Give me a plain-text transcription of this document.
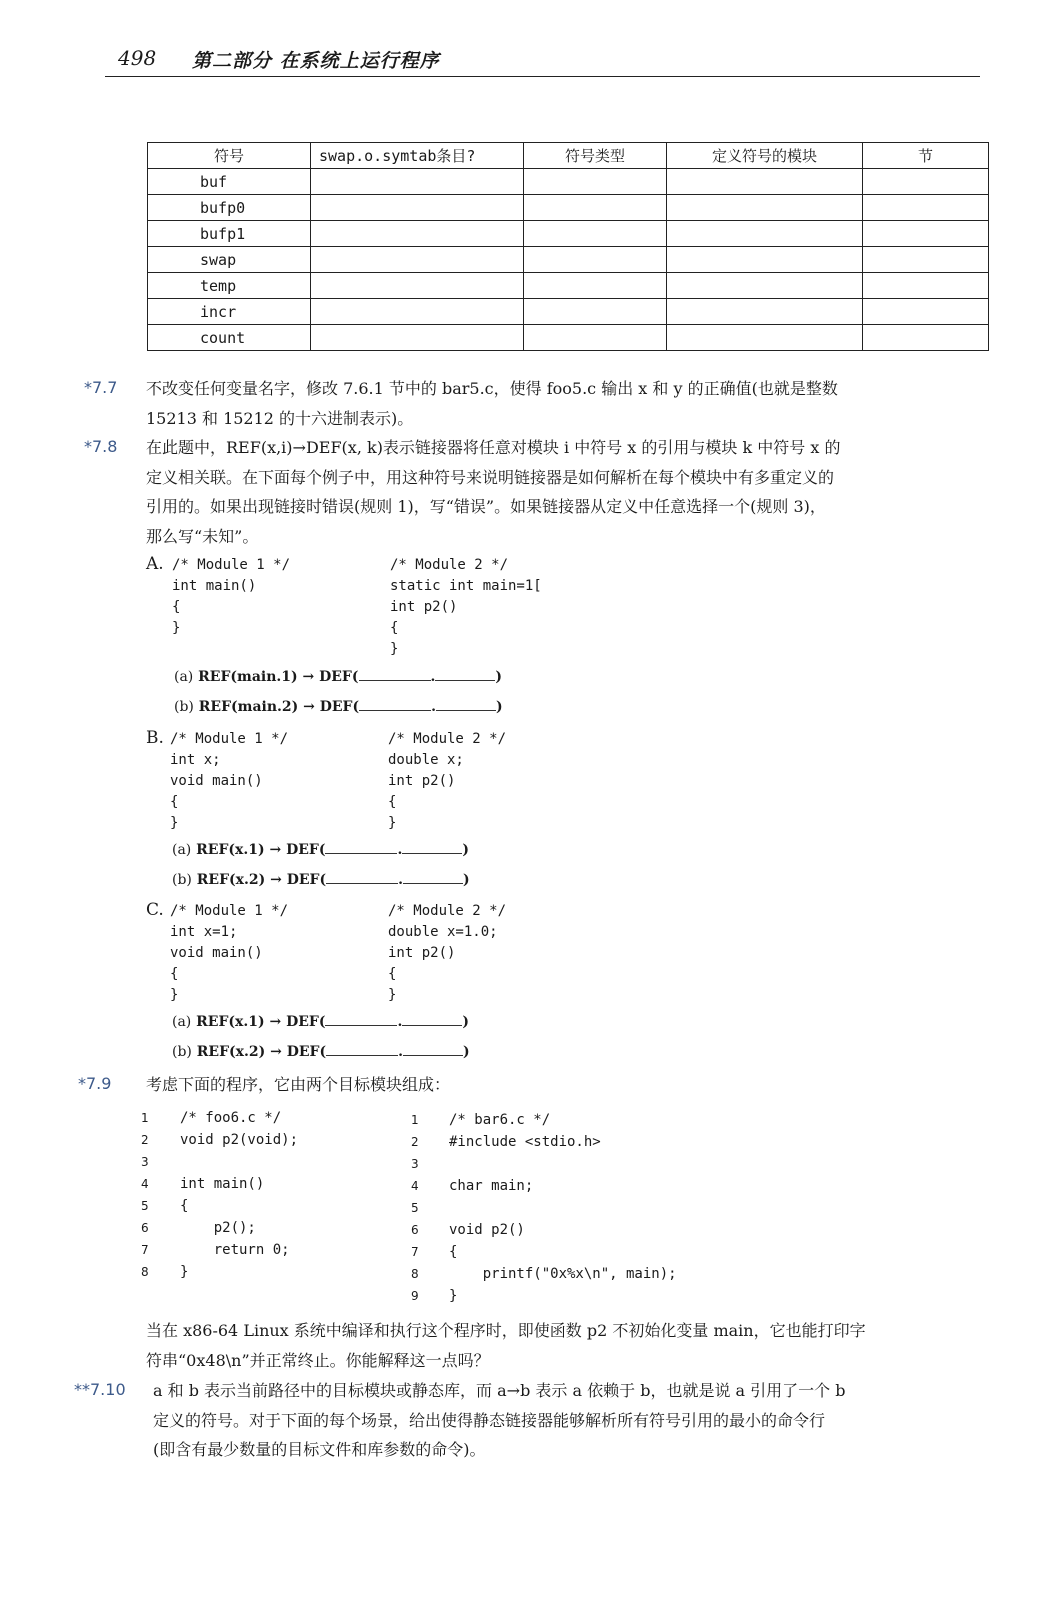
498 第二部分 在系统上运行程序
符号	swap.o.symtab条目?	符号类型	定义符号的模块	节
buf				
bufp0				
bufp1				
swap				
temp				
incr				
count				
*7.7 不改变任何变量名字，修改 7.6.1 节中的 bar5.c，使得 foo5.c 输出 x 和 y 的正确值(也就是整数
15213 和 15212 的十六进制表示)。
*7.8 在此题中，REF(x,i)→DEF(x, k)表示链接器将任意对模块 i 中符号 x 的引用与模块 k 中符号 x 的
定义相关联。在下面每个例子中，用这种符号来说明链接器是如何解析在每个模块中有多重定义的
引用的。如果出现链接时错误(规则 1)，写“错误”。如果链接器从定义中任意选择一个(规则 3)，
那么写“未知”。
A. /* Module 1 */
int main()
{
}
/* Module 2 */
static int main=1[
int p2()
{
}
(a) REF(main.1) → DEF(	.	)
(b) REF(main.2) → DEF(	.	)
B. /* Module 1 */
int x;
void main()
{
}
/* Module 2 */
double x;
int p2()
{
}
(a) REF(x.1) → DEF(	.	)
(b) REF(x.2) → DEF(	.	)
C. /* Module 1 */
int x=1;
void main()
{
}
/* Module 2 */
double x=1.0;
int p2()
{
}
(a) REF(x.1) → DEF(	.	)
(b) REF(x.2) → DEF(	.	)
*7.9 考虑下面的程序，它由两个目标模块组成：
1
2
3
4
5
6
7
8
/* foo6.c */
void p2(void);
int main()
{
p2();
return 0;
}
1
2
3
4
5
6
7
8
9
/* bar6.c */
#include <stdio.h>
char main;
void p2()
{
printf("0x%x\n", main);
}
当在 x86-64 Linux 系统中编译和执行这个程序时，即使函数 p2 不初始化变量 main，它也能打印字
符串“0x48\n”并正常终止。你能解释这一点吗？
**7.10 a 和 b 表示当前路径中的目标模块或静态库，而 a→b 表示 a 依赖于 b，也就是说 a 引用了一个 b
定义的符号。对于下面的每个场景，给出使得静态链接器能够解析所有符号引用的最小的命令行
(即含有最少数量的目标文件和库参数的命令)。
